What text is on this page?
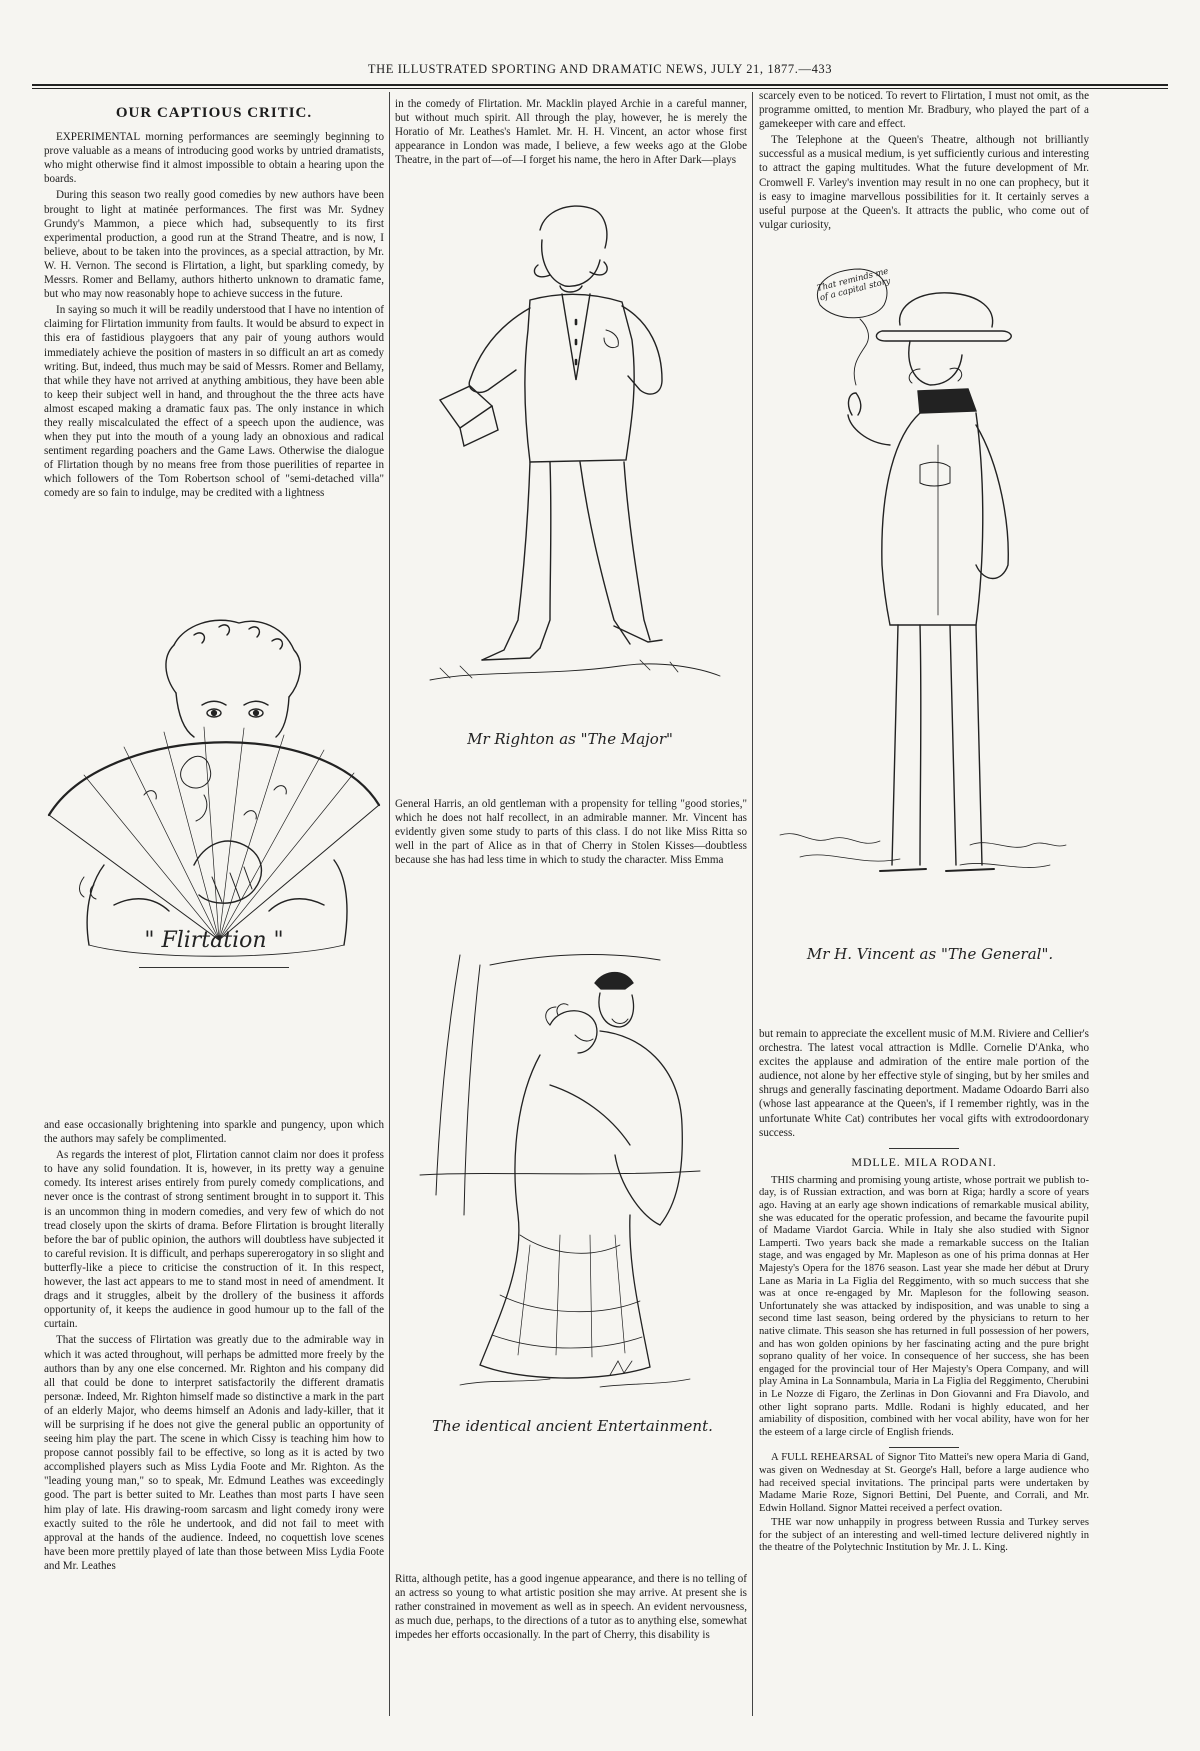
THE ILLUSTRATED SPORTING AND DRAMATIC NEWS, JULY 21, 1877.—433
OUR CAPTIOUS CRITIC.

EXPERIMENTAL morning performances are seemingly beginning to prove valuable as a means of introducing good works by untried dramatists, who might otherwise find it almost impossible to obtain a hearing upon the boards.

During this season two really good comedies by new authors have been brought to light at matinée performances. The first was Mr. Sydney Grundy's Mammon, a piece which had, subsequently to its first experimental production, a good run at the Strand Theatre, and is now, I believe, about to be taken into the provinces, as a special attraction, by Mr. W. H. Vernon. The second is Flirtation, a light, but sparkling comedy, by Messrs. Romer and Bellamy, authors hitherto unknown to dramatic fame, but who may now reasonably hope to achieve success in the future.

In saying so much it will be readily understood that I have no intention of claiming for Flirtation immunity from faults. It would be absurd to expect in this era of fastidious playgoers that any pair of young authors would immediately achieve the position of masters in so difficult an art as comedy writing. But, indeed, thus much may be said of Messrs. Romer and Bellamy, that while they have not arrived at anything ambitious, they have been able to keep their subject well in hand, and throughout the the three acts have almost escaped making a dramatic faux pas. The only instance in which they really miscalculated the effect of a speech upon the audience, was when they put into the mouth of a young lady an obnoxious and radical sentiment regarding poachers and the Game Laws. Otherwise the dialogue of Flirtation though by no means free from those puerilities of repartee in which followers of the Tom Robertson school of "semi-detached villa" comedy are so fain to indulge, may be credited with a lightness

" Flirtation "

and ease occasionally brightening into sparkle and pungency, upon which the authors may safely be complimented.

As regards the interest of plot, Flirtation cannot claim nor does it profess to have any solid foundation. It is, however, in its pretty way a genuine comedy. Its interest arises entirely from purely comedy complications, and never once is the contrast of strong sentiment brought in to support it. This is an uncommon thing in modern comedies, and very few of which do not tread closely upon the skirts of drama. Before Flirtation is brought literally before the bar of public opinion, the authors will doubtless have subjected it to careful revision. It is difficult, and perhaps supererogatory in so slight and butterfly-like a piece to criticise the construction of it. In this respect, however, the last act appears to me to stand most in need of amendment. It drags and it struggles, albeit by the drollery of the business it affords opportunity of, it keeps the audience in good humour up to the fall of the curtain.

That the success of Flirtation was greatly due to the admirable way in which it was acted throughout, will perhaps be admitted more freely by the authors than by any one else concerned. Mr. Righton and his company did all that could be done to interpret satisfactorily the different dramatis personæ. Indeed, Mr. Righton himself made so distinctive a mark in the part of an elderly Major, who deems himself an Adonis and lady-killer, that it will be surprising if he does not give the general public an opportunity of seeing him play the part. The scene in which Cissy is teaching him how to propose cannot possibly fail to be effective, so long as it is acted by two accomplished players such as Miss Lydia Foote and Mr. Righton. As the "leading young man," so to speak, Mr. Edmund Leathes was exceedingly good. The part is better suited to Mr. Leathes than most parts I have seen him play of late. His drawing-room sarcasm and light comedy irony were exactly suited to the rôle he undertook, and did not fail to meet with approval at the hands of the audience. Indeed, no coquettish love scenes have been more prettily played of late than those between Miss Lydia Foote and Mr. Leathes

in the comedy of Flirtation. Mr. Macklin played Archie in a careful manner, but without much spirit. All through the play, however, he is merely the Horatio of Mr. Leathes's Hamlet. Mr. H. H. Vincent, an actor whose first appearance in London was made, I believe, a few weeks ago at the Globe Theatre, in the part of—of—I forget his name, the hero in After Dark—plays

Mr Righton as "The Major"

General Harris, an old gentleman with a propensity for telling "good stories," which he does not half recollect, in an admirable manner. Mr. Vincent has evidently given some study to parts of this class. I do not like Miss Ritta so well in the part of Alice as in that of Cherry in Stolen Kisses—doubtless because she has had less time in which to study the character. Miss Emma

The identical ancient Entertainment.

Ritta, although petite, has a good ingenue appearance, and there is no telling of an actress so young to what artistic position she may arrive. At present she is rather constrained in movement as well as in speech. An evident nervousness, as much due, perhaps, to the directions of a tutor as to anything else, somewhat impedes her efforts occasionally. In the part of Cherry, this disability is

scarcely even to be noticed. To revert to Flirtation, I must not omit, as the programme omitted, to mention Mr. Bradbury, who played the part of a gamekeeper with care and effect.

The Telephone at the Queen's Theatre, although not brilliantly successful as a musical medium, is yet sufficiently curious and interesting to attract the gaping multitudes. What the future development of Mr. Cromwell F. Varley's invention may result in no one can prophecy, but it is easy to imagine marvellous possibilities for it. It certainly serves a useful purpose at the Queen's. It attracts the public, who come out of vulgar curiosity,

That reminds me of a capital story
Mr H. Vincent as "The General".

but remain to appreciate the excellent music of M.M. Riviere and Cellier's orchestra. The latest vocal attraction is Mdlle. Cornelie D'Anka, who excites the applause and admiration of the entire male portion of the audience, not alone by her effective style of singing, but by her smiles and shrugs and generally fascinating deportment. Madame Odoardo Barri also (whose last appearance at the Queen's, if I remember rightly, was in the unfortunate White Cat) contributes her vocal gifts with extrodoordonary success.

MDLLE. MILA RODANI.

THIS charming and promising young artiste, whose portrait we publish to-day, is of Russian extraction, and was born at Riga; hardly a score of years ago. Having at an early age shown indications of remarkable musical ability, she was educated for the operatic profession, and became the favourite pupil of Madame Viardot Garcia. While in Italy she also studied with Signor Lamperti. Two years back she made a remarkable success on the Italian stage, and was engaged by Mr. Mapleson as one of his prima donnas at Her Majesty's Opera for the 1876 season. Last year she made her début at Drury Lane as Maria in La Figlia del Reggimento, with so much success that she was at once re-engaged by Mr. Mapleson for the following season. Unfortunately she was attacked by indisposition, and was unable to sing a second time last season, being ordered by the physicians to return to her native climate. This season she has returned in full possession of her powers, and has won golden opinions by her fascinating acting and the pure bright soprano quality of her voice. In consequence of her success, she has been engaged for the provincial tour of Her Majesty's Opera Company, and will play Amina in La Sonnambula, Maria in La Figlia del Reggimento, Cherubini in Le Nozze di Figaro, the Zerlinas in Don Giovanni and Fra Diavolo, and other light soprano parts. Mdlle. Rodani is highly educated, and her amiability of disposition, combined with her vocal ability, have won for her the esteem of a large circle of English friends.

A FULL REHEARSAL of Signor Tito Mattei's new opera Maria di Gand, was given on Wednesday at St. George's Hall, before a large audience who had received special invitations. The principal parts were undertaken by Madame Marie Roze, Signori Bettini, Del Puente, and Corrali, and Mr. Edwin Holland. Signor Mattei received a perfect ovation.

THE war now unhappily in progress between Russia and Turkey serves for the subject of an interesting and well-timed lecture delivered nightly in the theatre of the Polytechnic Institution by Mr. J. L. King.
